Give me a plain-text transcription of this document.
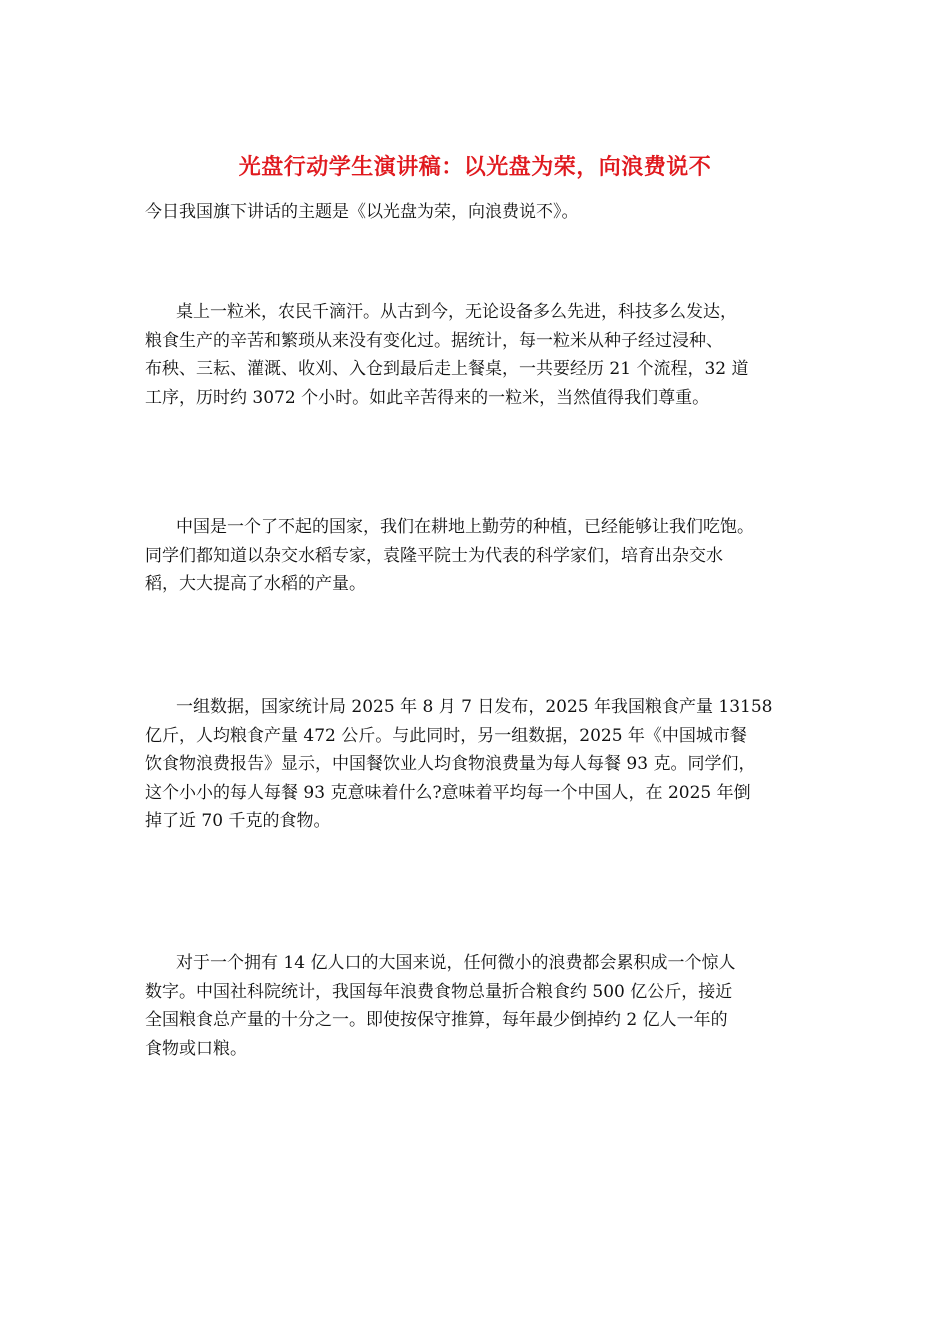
光盘行动学生演讲稿：以光盘为荣，向浪费说不
今日我国旗下讲话的主题是《以光盘为荣，向浪费说不》。
桌上一粒米，农民千滴汗。从古到今，无论设备多么先进，科技多么发达，
粮食生产的辛苦和繁琐从来没有变化过。据统计，每一粒米从种子经过浸种、
布秧、三耘、灌溉、收刈、入仓到最后走上餐桌，一共要经历 21 个流程，32 道
工序，历时约 3072 个小时。如此辛苦得来的一粒米，当然值得我们尊重。
中国是一个了不起的国家，我们在耕地上勤劳的种植，已经能够让我们吃饱。
同学们都知道以杂交水稻专家，袁隆平院士为代表的科学家们，培育出杂交水
稻，大大提高了水稻的产量。
一组数据，国家统计局 2025 年 8 月 7 日发布，2025 年我国粮食产量 13158
亿斤，人均粮食产量 472 公斤。与此同时，另一组数据，2025 年《中国城市餐
饮食物浪费报告》显示，中国餐饮业人均食物浪费量为每人每餐 93 克。同学们，
这个小小的每人每餐 93 克意味着什么?意味着平均每一个中国人，在 2025 年倒
掉了近 70 千克的食物。
对于一个拥有 14 亿人口的大国来说，任何微小的浪费都会累积成一个惊人
数字。中国社科院统计，我国每年浪费食物总量折合粮食约 500 亿公斤，接近
全国粮食总产量的十分之一。即使按保守推算，每年最少倒掉约 2 亿人一年的
食物或口粮。
